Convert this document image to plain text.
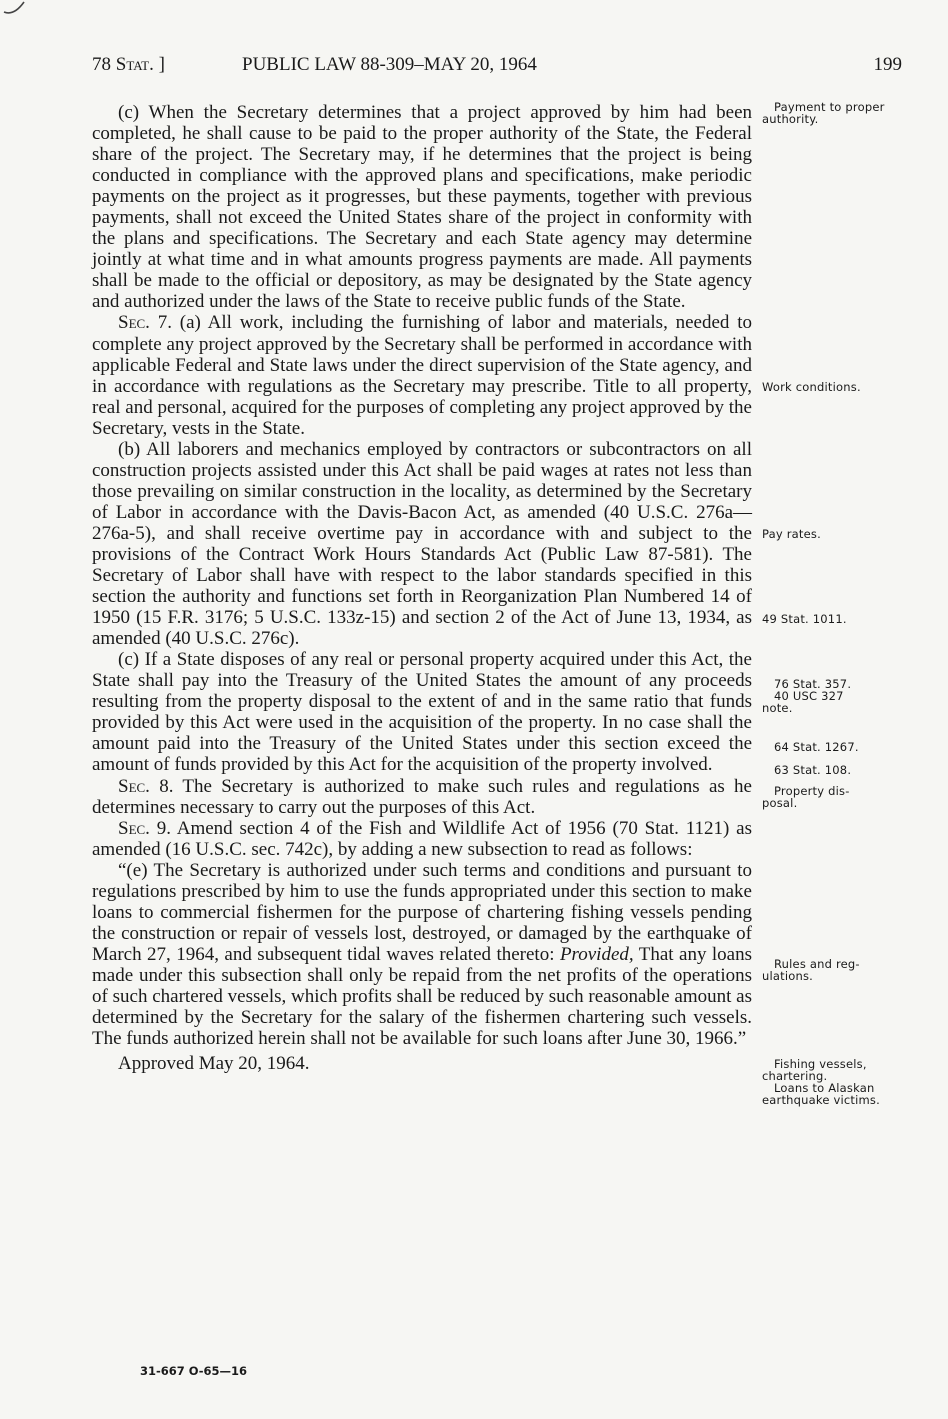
78 Stat. ]	PUBLIC LAW 88-309–MAY 20, 1964	199

(c) When the Secretary determines that a project approved by him had been completed, he shall cause to be paid to the proper authority of the State, the Federal share of the project. The Secretary may, if he determines that the project is being conducted in compliance with the approved plans and specifications, make periodic payments on the project as it progresses, but these payments, together with previous payments, shall not exceed the United States share of the project in conformity with the plans and specifications. The Secretary and each State agency may determine jointly at what time and in what amounts progress payments are made. All payments shall be made to the official or depository, as may be designated by the State agency and authorized under the laws of the State to receive public funds of the State.

Sec. 7. (a) All work, including the furnishing of labor and materials, needed to complete any project approved by the Secretary shall be performed in accordance with applicable Federal and State laws under the direct supervision of the State agency, and in accordance with regulations as the Secretary may prescribe. Title to all property, real and personal, acquired for the purposes of completing any project approved by the Secretary, vests in the State.

(b) All laborers and mechanics employed by contractors or subcontractors on all construction projects assisted under this Act shall be paid wages at rates not less than those prevailing on similar construction in the locality, as determined by the Secretary of Labor in accordance with the Davis-Bacon Act, as amended (40 U.S.C. 276a—276a-5), and shall receive overtime pay in accordance with and subject to the provisions of the Contract Work Hours Standards Act (Public Law 87-581). The Secretary of Labor shall have with respect to the labor standards specified in this section the authority and functions set forth in Reorganization Plan Numbered 14 of 1950 (15 F.R. 3176; 5 U.S.C. 133z-15) and section 2 of the Act of June 13, 1934, as amended (40 U.S.C. 276c).

(c) If a State disposes of any real or personal property acquired under this Act, the State shall pay into the Treasury of the United States the amount of any proceeds resulting from the property disposal to the extent of and in the same ratio that funds provided by this Act were used in the acquisition of the property. In no case shall the amount paid into the Treasury of the United States under this section exceed the amount of funds provided by this Act for the acquisition of the property involved.

Sec. 8. The Secretary is authorized to make such rules and regulations as he determines necessary to carry out the purposes of this Act.

Sec. 9. Amend section 4 of the Fish and Wildlife Act of 1956 (70 Stat. 1121) as amended (16 U.S.C. sec. 742c), by adding a new subsection to read as follows:

“(e) The Secretary is authorized under such terms and conditions and pursuant to regulations prescribed by him to use the funds appropriated under this section to make loans to commercial fishermen for the purpose of chartering fishing vessels pending the construction or repair of vessels lost, destroyed, or damaged by the earthquake of March 27, 1964, and subsequent tidal waves related thereto: Provided, That any loans made under this subsection shall only be repaid from the net profits of the operations of such chartered vessels, which profits shall be reduced by such reasonable amount as determined by the Secretary for the salary of the fishermen chartering such vessels. The funds authorized herein shall not be available for such loans after June 30, 1966.”

Approved May 20, 1964.

Payment to proper
authority.
Work conditions.
Pay rates.
49 Stat. 1011.
76 Stat. 357.
40 USC 327
note.
64 Stat. 1267.
63 Stat. 108.
Property dis-
posal.
Rules and reg-
ulations.
Fishing vessels,
chartering.
Loans to Alaskan
earthquake victims.
31-667 O-65—16
